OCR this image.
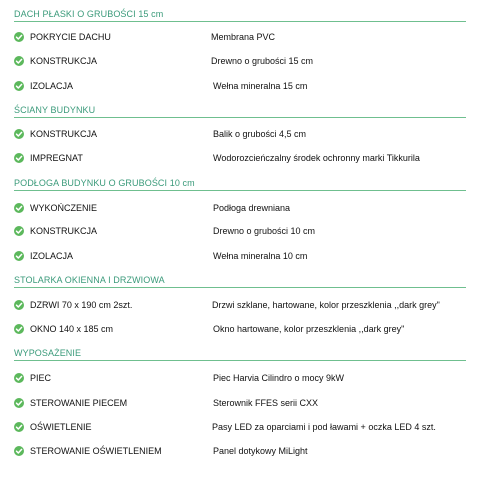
DACH PŁASKI O GRUBOŚCI 15 cm
POKRYCIE DACHU	Membrana PVC
KONSTRUKCJA	Drewno o grubości 15 cm
IZOLACJA	Wełna mineralna 15 cm
ŚCIANY BUDYNKU
KONSTRUKCJA	Balik o grubości 4,5 cm
IMPREGNAT	Wodorozcieńczalny środek ochronny marki Tikkurila
PODŁOGA BUDYNKU O GRUBOŚCI 10 cm
WYKOŃCZENIE	Podłoga drewniana
KONSTRUKCJA	Drewno o grubości 10 cm
IZOLACJA	Wełna mineralna 10 cm
STOLARKA OKIENNA I DRZWIOWA
DZRWI 70 x 190 cm 2szt.	Drzwi szklane, hartowane, kolor przeszklenia ,,dark grey"
OKNO 140 x 185 cm	Okno hartowane, kolor przeszklenia ,,dark grey"
WYPOSAŻENIE
PIEC	Piec Harvia Cilindro o mocy 9kW
STEROWANIE PIECEM	Sterownik FFES serii CXX
OŚWIETLENIE	Pasy LED za oparciami i pod ławami + oczka LED 4 szt.
STEROWANIE OŚWIETLENIEM	Panel dotykowy MiLight
